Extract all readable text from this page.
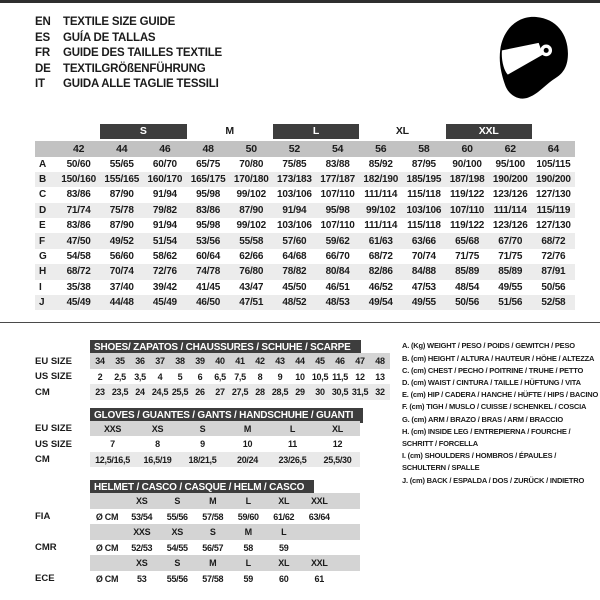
EN	TEXTILE SIZE GUIDE
ES	GUÍA DE TALLAS
FR	GUIDE DES TAILLES TEXTILE
DE	TEXTILGRÖßENFÜHRUNG
IT	GUIDA ALLE TAGLIE TESSILI
S	M	L	XL	XXL
42	44	46	48	50	52	54	56	58	60	62	64
A	50/60	55/65	60/70	65/75	70/80	75/85	83/88	85/92	87/95	90/100	95/100	105/115
B	150/160 155/165 160/170 165/175 170/180 173/183 177/187 182/190 185/195 187/198 190/200 190/200
C	83/86	87/90	91/94	95/98	99/102	103/106 107/110 111/114 115/118 119/122 123/126 127/130
D	71/74	75/78	79/82	83/86	87/90	91/94	95/98	99/102	103/106 107/110 111/114 115/119
E	83/86	87/90	91/94	95/98	99/102	103/106 107/110 111/114 115/118 119/122 123/126 127/130
F	47/50	49/52	51/54	53/56	55/58	57/60	59/62	61/63	63/66	65/68	67/70	68/72
G	54/58	56/60	58/62	60/64	62/66	64/68	66/70	68/72	70/74	71/75	71/75	72/76
H	68/72	70/74	72/76	74/78	76/80	78/82	80/84	82/86	84/88	85/89	85/89	87/91
I	35/38	37/40	39/42	41/45	43/47	45/50	46/51	46/52	47/53	48/54	49/55	50/56
J	45/49	44/48	45/49	46/50	47/51	48/52	48/53	49/54	49/55	50/56	51/56	52/58
SHOES/ ZAPATOS / CHAUSSURES / SCHUHE / SCARPE
EU SIZE	34	35	36	37	38	39	40	41	42	43	44	45	46	47	48
US SIZE	2	2,5 3,5	4	5	6	6,5 7,5	8	9	10 10,5 11,5 12	13
CM	23 23,5 24 24,5 25,5 26	27 27,5 28 28,5 29	30 30,5 31,5 32
GLOVES / GUANTES / GANTS / HANDSCHUHE / GUANTI
EU SIZE	XXS	XS	S	M	L	XL
US SIZE	7	8	9	10	11	12
CM	12,5/16,5	16,5/19	18/21,5	20/24	23/26,5	25,5/30
HELMET / CASCO / CASQUE / HELM / CASCO
XS	S	M	L	XL	XXL
FIA	Ø CM	53/54	55/56	57/58	59/60	61/62	63/64
XXS	XS	S	M	L
CMR	Ø CM	52/53	54/55	56/57	58	59
XS	S	M	L	XL	XXL
ECE	Ø CM	53	55/56	57/58	59	60	61
A. (Kg) WEIGHT / PESO / POIDS / GEWITCH / PESO
B. (cm) HEIGHT / ALTURA / HAUTEUR / HÖHE / ALTEZZA
C. (cm) CHEST / PECHO / POITRINE / TRUHE / PETTO
D. (cm) WAIST / CINTURA / TAILLE / HÜFTUNG / VITA
E. (cm) HIP / CADERA / HANCHE / HÜFTE / HIPS / BACINO
F. (cm) TIGH / MUSLO / CUISSE / SCHENKEL / COSCIA
G. (cm) ARM / BRAZO / BRAS / ARM / BRACCIO
H. (cm) INSIDE LEG / ENTREPIERNA / FOURCHE /
SCHRITT / FORCELLA
I. (cm) SHOULDERS / HOMBROS / ÉPAULES /
SCHULTERN / SPALLE
J. (cm) BACK / ESPALDA / DOS / ZURÜCK / INDIETRO
